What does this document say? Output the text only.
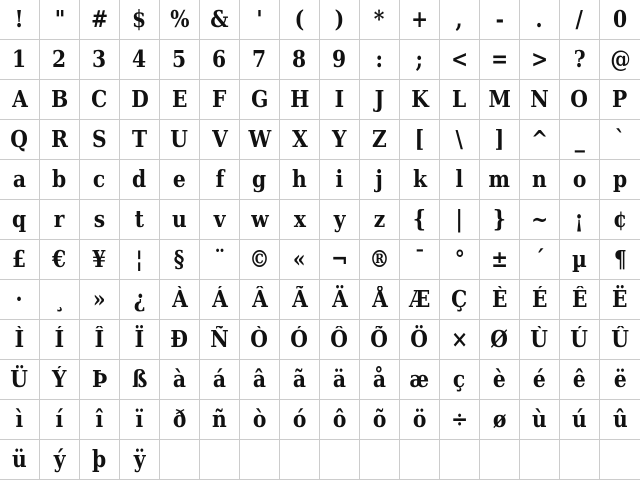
! " # $ % & ' ( ) * + , - . / 0
1 2 3 4 5 6 7 8 9 : ; < = > ? @
A B C D E F G H I J K L M N O P
Q R S T U V W X Y Z [ \ ] ^ _ `
a b c d e f g h i j k l m n o p
q r s t u v w x y z { | } ~ ¡ ¢
£ € ¥ ¦ § ¨ © « ¬ ® ¯ ° ± ´ µ ¶
· ¸ » ¿ À Á Â Ã Ä Å Æ Ç È É Ê Ë
Ì Í Î Ï Ð Ñ Ò Ó Ô Õ Ö × Ø Ù Ú Û
Ü Ý Þ ß à á â ã ä å æ ç è é ê ë
ì í î ï ð ñ ò ó ô õ ö ÷ ø ù ú û
ü ý þ ÿ
